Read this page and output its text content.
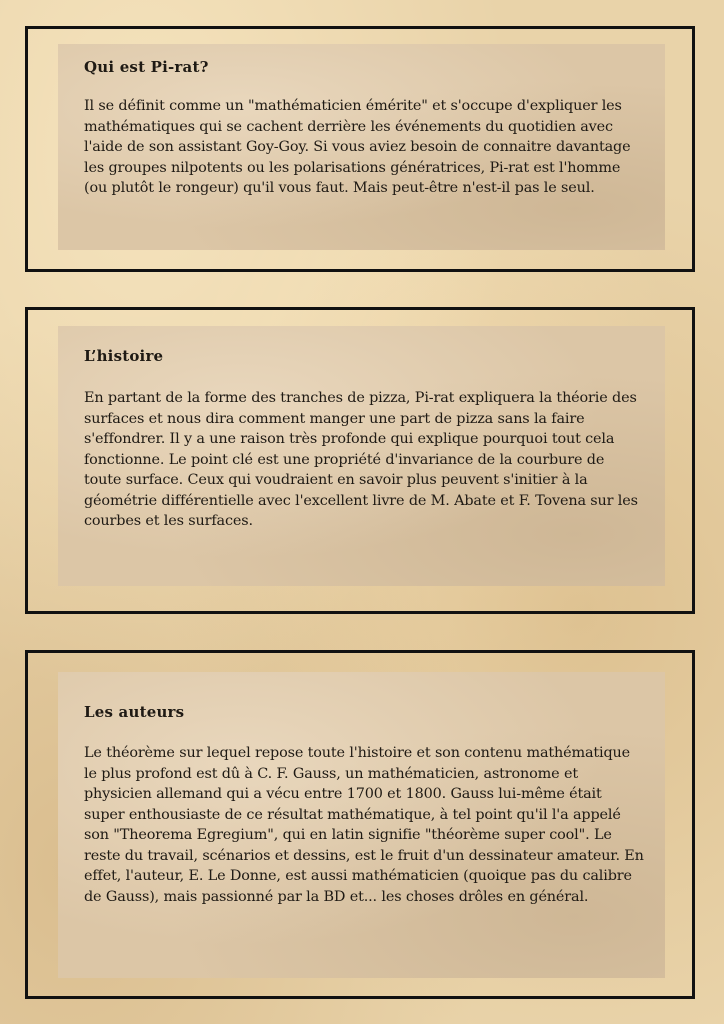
Qui est Pi-rat?

Il se définit comme un "mathématicien émérite" et s'occupe d'expliquer les mathématiques qui se cachent derrière les événements du quotidien avec l'aide de son assistant Goy-Goy. Si vous aviez besoin de connaitre davantage les groupes nilpotents ou les polarisations génératrices, Pi-rat est l'homme (ou plutôt le rongeur) qu'il vous faut. Mais peut-être n'est-il pas le seul.

L’histoire

En partant de la forme des tranches de pizza, Pi-rat expliquera la théorie des surfaces et nous dira comment manger une part de pizza sans la faire s'effondrer. Il y a une raison très profonde qui explique pourquoi tout cela fonctionne. Le point clé est une propriété d'invariance de la courbure de toute surface. Ceux qui voudraient en savoir plus peuvent s'initier à la géométrie différentielle avec l'excellent livre de M. Abate et F. Tovena sur les courbes et les surfaces.

Les auteurs

Le théorème sur lequel repose toute l'histoire et son contenu mathématique le plus profond est dû à C. F. Gauss, un mathématicien, astronome et physicien allemand qui a vécu entre 1700 et 1800. Gauss lui-même était super enthousiaste de ce résultat mathématique, à tel point qu'il l'a appelé son "Theorema Egregium", qui en latin signifie "théorème super cool". Le reste du travail, scénarios et dessins, est le fruit d'un dessinateur amateur. En effet, l'auteur, E. Le Donne, est aussi mathématicien (quoique pas du calibre de Gauss), mais passionné par la BD et... les choses drôles en général.
